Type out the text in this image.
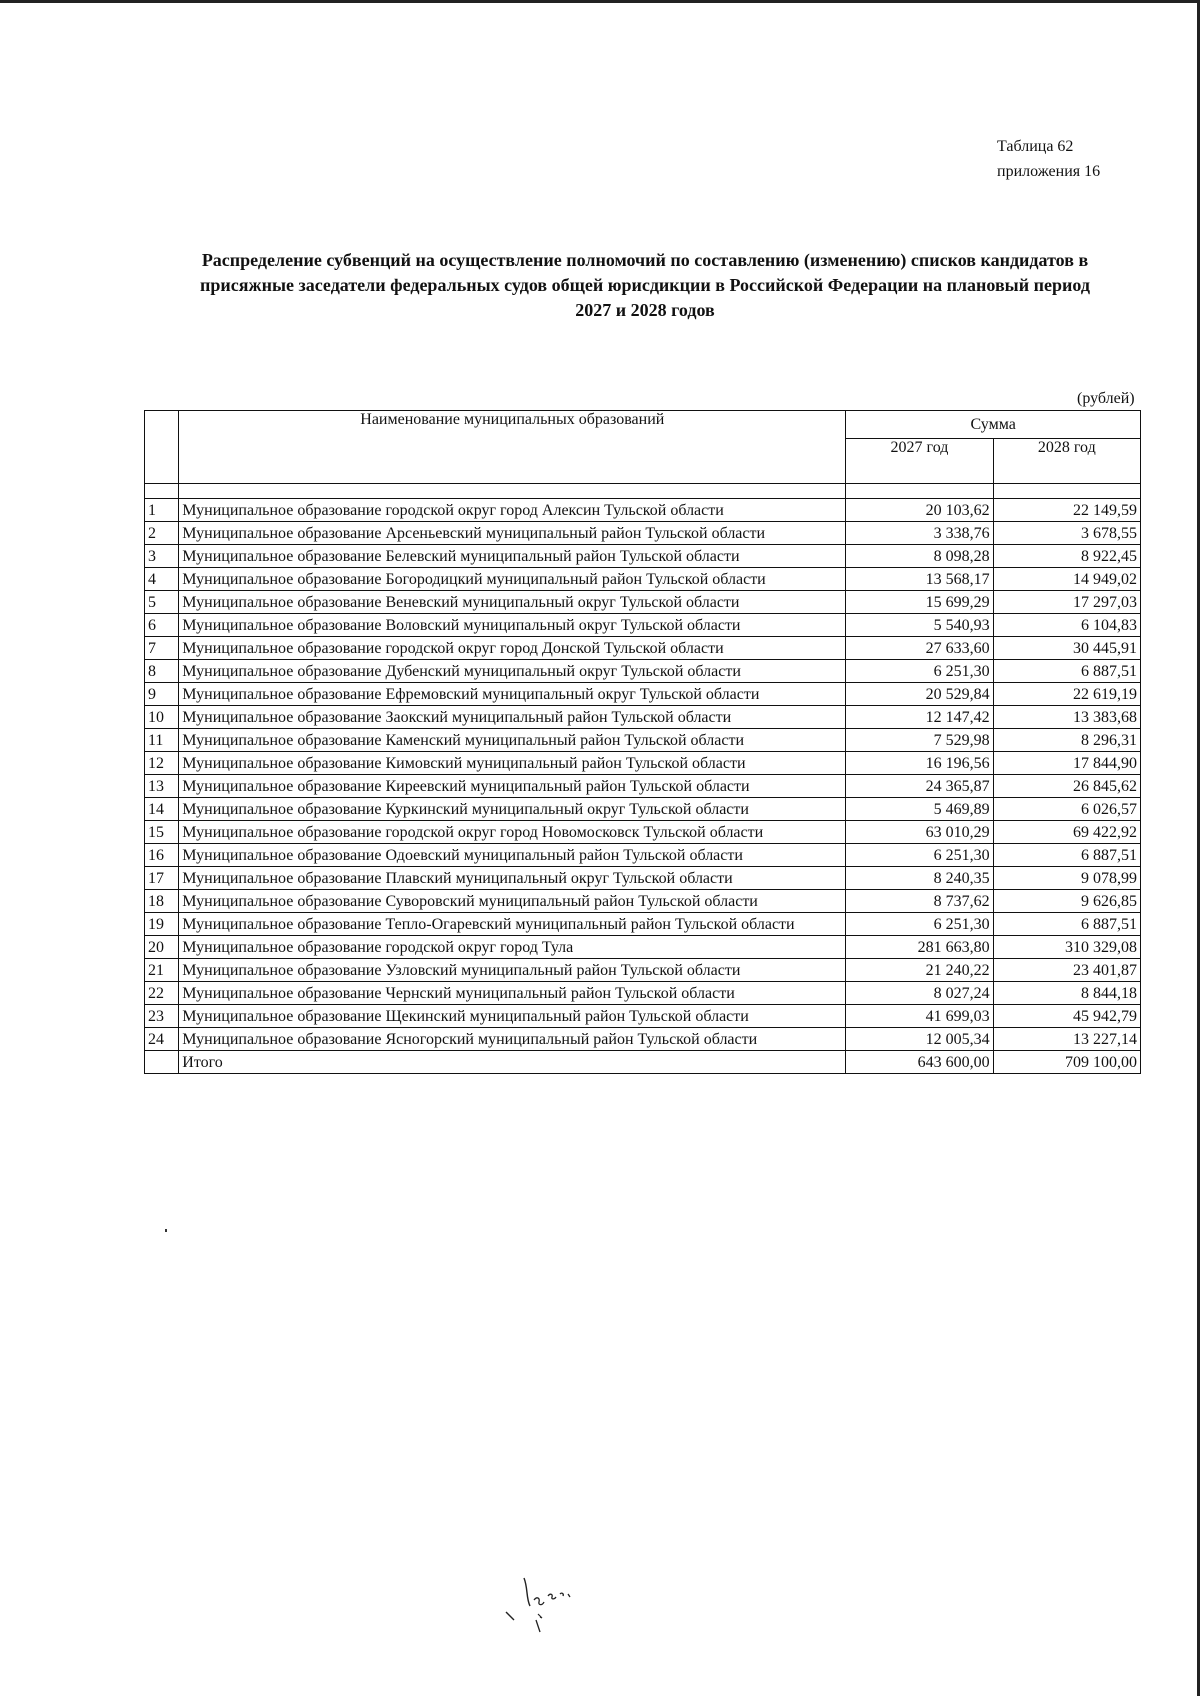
Таблица 62
приложения 16
Распределение субвенций на осуществление полномочий по составлению (изменению) списков кандидатов в
присяжные заседатели федеральных судов общей юрисдикции в Российской Федерации на плановый период
2027 и 2028 годов
(рублей)
	Наименование муниципальных образований	Сумма	
		2027 год	2028 год

1	Муниципальное образование городской округ город Алексин Тульской области	20 103,62	22 149,59
2	Муниципальное образование Арсеньевский муниципальный район Тульской области	3 338,76	3 678,55
3	Муниципальное образование Белевский муниципальный район Тульской области	8 098,28	8 922,45
4	Муниципальное образование Богородицкий муниципальный район Тульской области	13 568,17	14 949,02
5	Муниципальное образование Веневский муниципальный округ Тульской области	15 699,29	17 297,03
6	Муниципальное образование Воловский муниципальный округ Тульской области	5 540,93	6 104,83
7	Муниципальное образование городской округ город Донской Тульской области	27 633,60	30 445,91
8	Муниципальное образование Дубенский муниципальный округ Тульской области	6 251,30	6 887,51
9	Муниципальное образование Ефремовский муниципальный округ Тульской области	20 529,84	22 619,19
10	Муниципальное образование Заокский муниципальный район Тульской области	12 147,42	13 383,68
11	Муниципальное образование Каменский муниципальный район Тульской области	7 529,98	8 296,31
12	Муниципальное образование Кимовский муниципальный район Тульской области	16 196,56	17 844,90
13	Муниципальное образование Киреевский муниципальный район Тульской области	24 365,87	26 845,62
14	Муниципальное образование Куркинский муниципальный округ Тульской области	5 469,89	6 026,57
15	Муниципальное образование городской округ город Новомосковск Тульской области	63 010,29	69 422,92
16	Муниципальное образование Одоевский муниципальный район Тульской области	6 251,30	6 887,51
17	Муниципальное образование Плавский муниципальный округ Тульской области	8 240,35	9 078,99
18	Муниципальное образование Суворовский муниципальный район Тульской области	8 737,62	9 626,85
19	Муниципальное образование Тепло-Огаревский муниципальный район Тульской области	6 251,30	6 887,51
20	Муниципальное образование городской округ город Тула	281 663,80	310 329,08
21	Муниципальное образование Узловский муниципальный район Тульской области	21 240,22	23 401,87
22	Муниципальное образование Чернский муниципальный район Тульской области	8 027,24	8 844,18
23	Муниципальное образование Щекинский муниципальный район Тульской области	41 699,03	45 942,79
24	Муниципальное образование Ясногорский муниципальный район Тульской области	12 005,34	13 227,14
	Итого	643 600,00	709 100,00
